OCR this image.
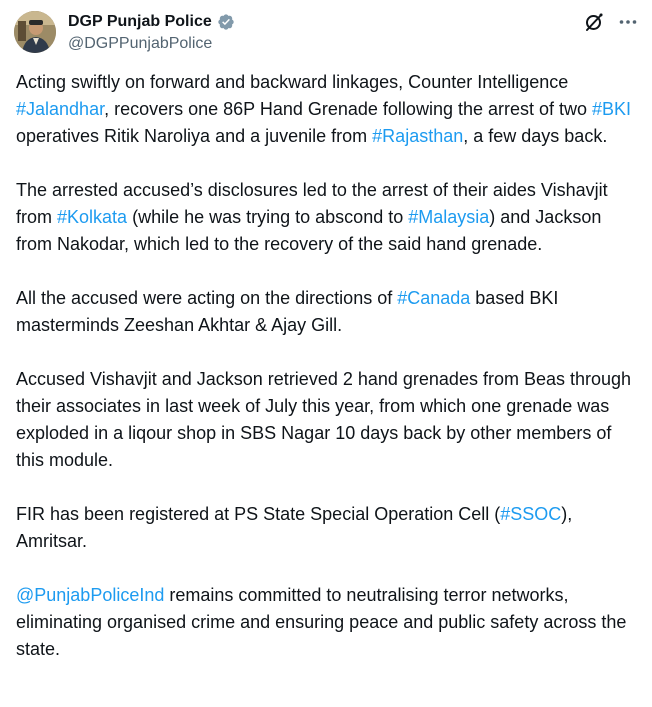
DGP Punjab Police
@DGPPunjabPolice

Acting swiftly on forward and backward linkages, Counter Intelligence #Jalandhar, recovers one 86P Hand Grenade following the arrest of two #BKI operatives Ritik Naroliya and a juvenile from #Rajasthan, a few days back.

The arrested accused’s disclosures led to the arrest of their aides Vishavjit from #Kolkata (while he was trying to abscond to #Malaysia) and Jackson from Nakodar, which led to the recovery of the said hand grenade.

All the accused were acting on the directions of #Canada based BKI masterminds Zeeshan Akhtar & Ajay Gill.

Accused Vishavjit and Jackson retrieved 2 hand grenades from Beas through their associates in last week of July this year, from which one grenade was exploded in a liqour shop in SBS Nagar 10 days back by other members of this module.

FIR has been registered at PS State Special Operation Cell (#SSOC), Amritsar.

@PunjabPoliceInd remains committed to neutralising terror networks, eliminating organised crime and ensuring peace and public safety across the state.
